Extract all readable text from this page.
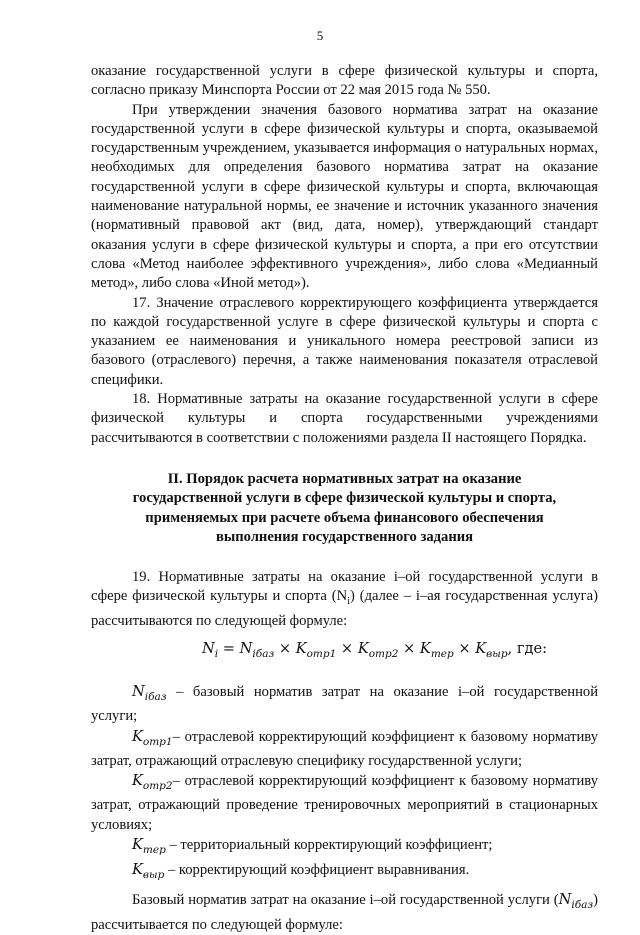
5

оказание государственной услуги в сфере физической культуры и спорта, согласно приказу Минспорта России от 22 мая 2015 года № 550.

При утверждении значения базового норматива затрат на оказание государственной услуги в сфере физической культуры и спорта, оказываемой государственным учреждением, указывается информация о натуральных нормах, необходимых для определения базового норматива затрат на оказание государственной услуги в сфере физической культуры и спорта, включающая наименование натуральной нормы, ее значение и источник указанного значения (нормативный правовой акт (вид, дата, номер), утверждающий стандарт оказания услуги в сфере физической культуры и спорта, а при его отсутствии слова «Метод наиболее эффективного учреждения», либо слова «Медианный метод», либо слова «Иной метод»).

17. Значение отраслевого корректирующего коэффициента утверждается по каждой государственной услуге в сфере физической культуры и спорта с указанием ее наименования и уникального номера реестровой записи из базового (отраслевого) перечня, а также наименования показателя отраслевой специфики.

18. Нормативные затраты на оказание государственной услуги в сфере физической культуры и спорта государственными учреждениями рассчитываются в соответствии с положениями раздела II настоящего Порядка.

II. Порядок расчета нормативных затрат на оказание
государственной услуги в сфере физической культуры и спорта,
применяемых при расчете объема финансового обеспечения
выполнения государственного задания

19. Нормативные затраты на оказание i–ой государственной услуги в сфере физической культуры и спорта $(N_i)$ (далее – i–ая государственная услуга) рассчитываются по следующей формуле:

$N_i = N_{iбаз} \times K_{отр1} \times K_{отр2} \times K_{тер} \times K_{выр}$, где:

$N_{iбаз}$ – базовый норматив затрат на оказание i–ой государственной услуги;

$K_{отр1}-$ отраслевой корректирующий коэффициент к базовому нормативу затрат, отражающий отраслевую специфику государственной услуги;

$K_{отр2}-$ отраслевой корректирующий коэффициент к базовому нормативу затрат, отражающий проведение тренировочных мероприятий в стационарных условиях;

$K_{тер}$ – территориальный корректирующий коэффициент;

$K_{выр}$ – корректирующий коэффициент выравнивания.

Базовый норматив затрат на оказание i–ой государственной услуги $(N_{iбаз})$ рассчитывается по следующей формуле:
